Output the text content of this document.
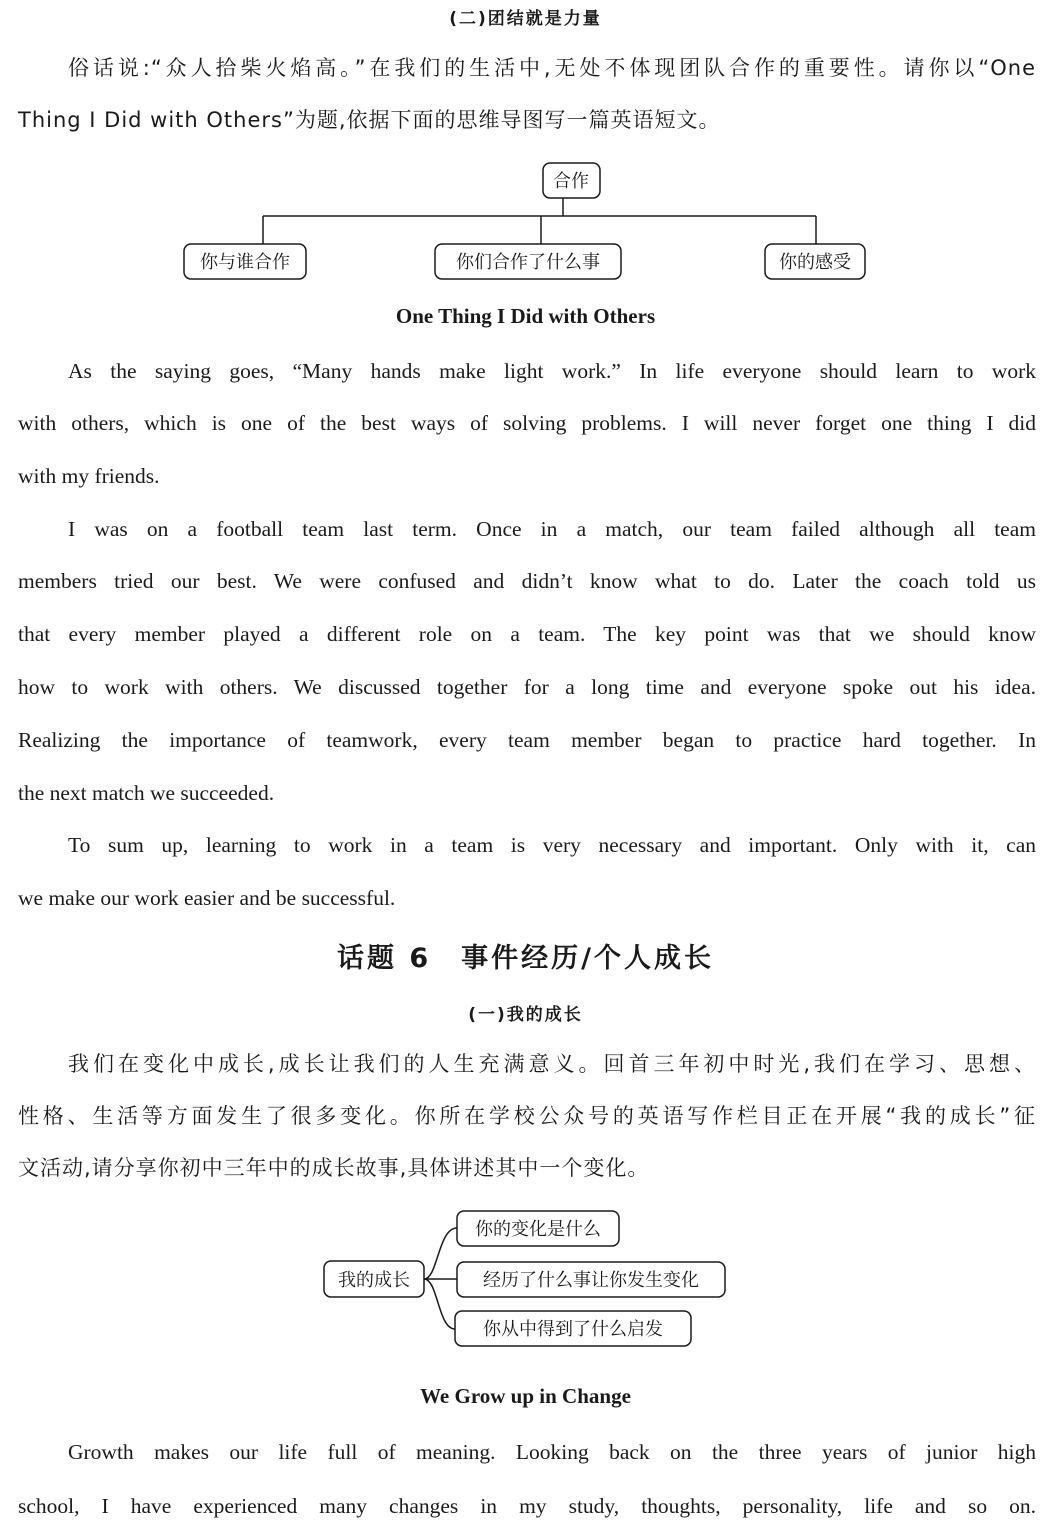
(二)团结就是力量
俗话说:“众人拾柴火焰高。”在我们的生活中,无处不体现团队合作的重要性。请你以“One
Thing I Did with Others”为题,依据下面的思维导图写一篇英语短文。
合作
你与谁合作	你们合作了什么事	你的感受
One Thing I Did with Others
As the saying goes, “Many hands make light work.” In life everyone should learn to work
with others, which is one of the best ways of solving problems. I will never forget one thing I did
with my friends.
I was on a football team last term. Once in a match, our team failed although all team
members tried our best. We were confused and didn’t know what to do. Later the coach told us
that every member played a different role on a team. The key point was that we should know
how to work with others. We discussed together for a long time and everyone spoke out his idea.
Realizing the importance of teamwork, every team member began to practice hard together. In
the next match we succeeded.
To sum up, learning to work in a team is very necessary and important. Only with it, can
we make our work easier and be successful.
话题 6　事件经历/个人成长
(一)我的成长
我们在变化中成长,成长让我们的人生充满意义。回首三年初中时光,我们在学习、思想、
性格、生活等方面发生了很多变化。你所在学校公众号的英语写作栏目正在开展“我的成长”征
文活动,请分享你初中三年中的成长故事,具体讲述其中一个变化。
我的成长
你的变化是什么
经历了什么事让你发生变化
你从中得到了什么启发
We Grow up in Change
Growth makes our life full of meaning. Looking back on the three years of junior high
school, I have experienced many changes in my study, thoughts, personality, life and so on.
